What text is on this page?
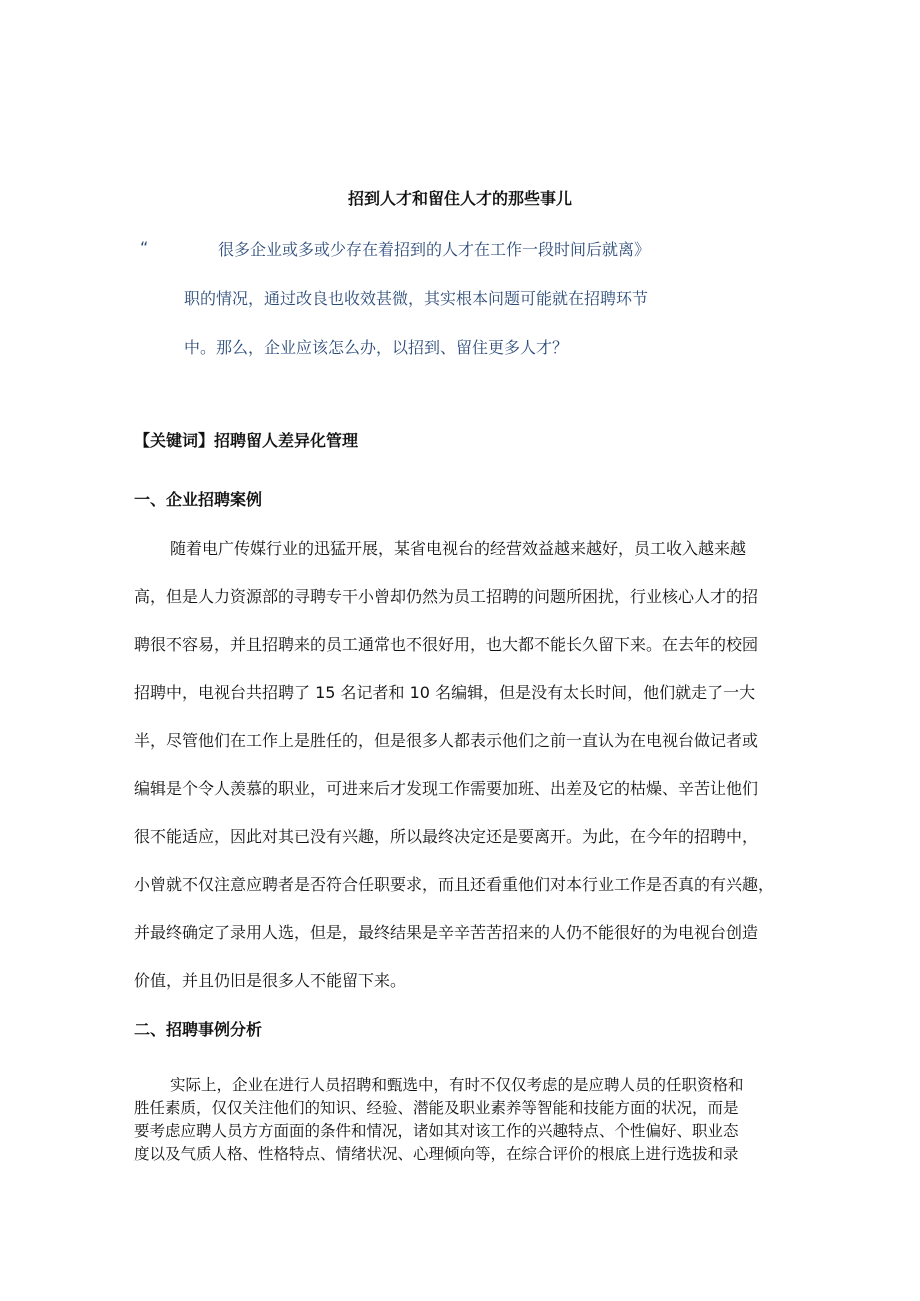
招到人才和留住人才的那些事儿
“	很多企业或多或少存在着招到的人才在工作一段时间后就离》
职的情况，通过改良也收效甚微，其实根本问题可能就在招聘环节
中。那么，企业应该怎么办，以招到、留住更多人才？
【关键词】招聘留人差异化管理
一、企业招聘案例
随着电广传媒行业的迅猛开展，某省电视台的经营效益越来越好，员工收入越来越
高，但是人力资源部的寻聘专干小曾却仍然为员工招聘的问题所困扰，行业核心人才的招
聘很不容易，并且招聘来的员工通常也不很好用，也大都不能长久留下来。在去年的校园
招聘中，电视台共招聘了 15 名记者和 10 名编辑，但是没有太长时间，他们就走了一大
半，尽管他们在工作上是胜任的，但是很多人都表示他们之前一直认为在电视台做记者或
编辑是个令人羡慕的职业，可进来后才发现工作需要加班、出差及它的枯燥、辛苦让他们
很不能适应，因此对其已没有兴趣，所以最终决定还是要离开。为此，在今年的招聘中，
小曾就不仅注意应聘者是否符合任职要求，而且还看重他们对本行业工作是否真的有兴趣，
并最终确定了录用人选，但是，最终结果是辛辛苦苦招来的人仍不能很好的为电视台创造
价值，并且仍旧是很多人不能留下来。
二、招聘事例分析
实际上，企业在进行人员招聘和甄选中，有时不仅仅考虑的是应聘人员的任职资格和
胜任素质，仅仅关注他们的知识、经验、潜能及职业素养等智能和技能方面的状况，而是
要考虑应聘人员方方面面的条件和情况，诸如其对该工作的兴趣特点、个性偏好、职业态
度以及气质人格、性格特点、情绪状况、心理倾向等，在综合评价的根底上进行选拔和录
